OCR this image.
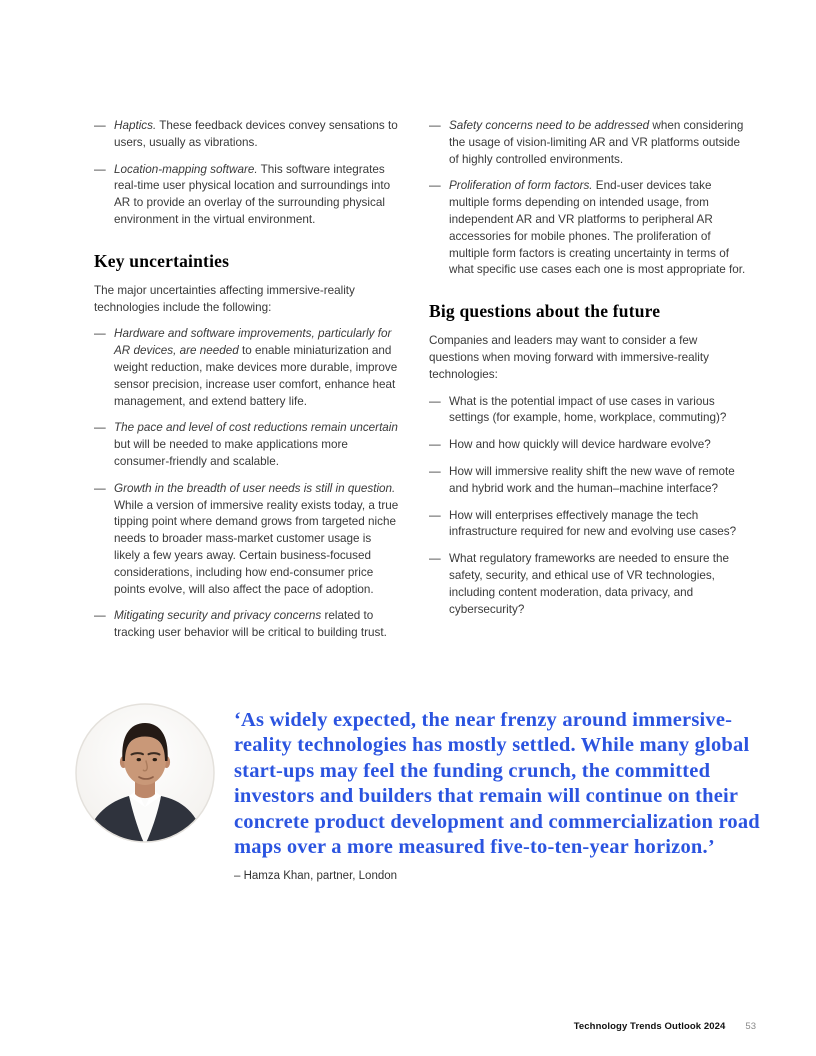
— Haptics. These feedback devices convey sensations to users, usually as vibrations.
— Location-mapping software. This software integrates real-time user physical location and surroundings into AR to provide an overlay of the surrounding physical environment in the virtual environment.
Key uncertainties

The major uncertainties affecting immersive-reality technologies include the following:

— Hardware and software improvements, particularly for AR devices, are needed to enable miniaturization and weight reduction, make devices more durable, improve sensor precision, increase user comfort, enhance heat management, and extend battery life.
— The pace and level of cost reductions remain uncertain but will be needed to make applications more consumer-friendly and scalable.
— Growth in the breadth of user needs is still in question. While a version of immersive reality exists today, a true tipping point where demand grows from targeted niche needs to broader mass-market customer usage is likely a few years away. Certain business-focused considerations, including how end-consumer price points evolve, will also affect the pace of adoption.
— Mitigating security and privacy concerns related to tracking user behavior will be critical to building trust.
— Safety concerns need to be addressed when considering the usage of vision-limiting AR and VR platforms outside of highly controlled environments.
— Proliferation of form factors. End-user devices take multiple forms depending on intended usage, from independent AR and VR platforms to peripheral AR accessories for mobile phones. The proliferation of multiple form factors is creating uncertainty in terms of what specific use cases each one is most appropriate for.
Big questions about the future

Companies and leaders may want to consider a few questions when moving forward with immersive-reality technologies:

— What is the potential impact of use cases in various settings (for example, home, workplace, commuting)?
— How and how quickly will device hardware evolve?
— How will immersive reality shift the new wave of remote and hybrid work and the human–machine interface?
— How will enterprises effectively manage the tech infrastructure required for new and evolving use cases?
— What regulatory frameworks are needed to ensure the safety, security, and ethical use of VR technologies, including content moderation, data privacy, and cybersecurity?

‘As widely expected, the near frenzy around immersive-
reality technologies has mostly settled. While many global
start-ups may feel the funding crunch, the committed
investors and builders that remain will continue on their
concrete product development and commercialization road
maps over a more measured five-to-ten-year horizon.’

– Hamza Khan, partner, London

Technology Trends Outlook 2024 53
